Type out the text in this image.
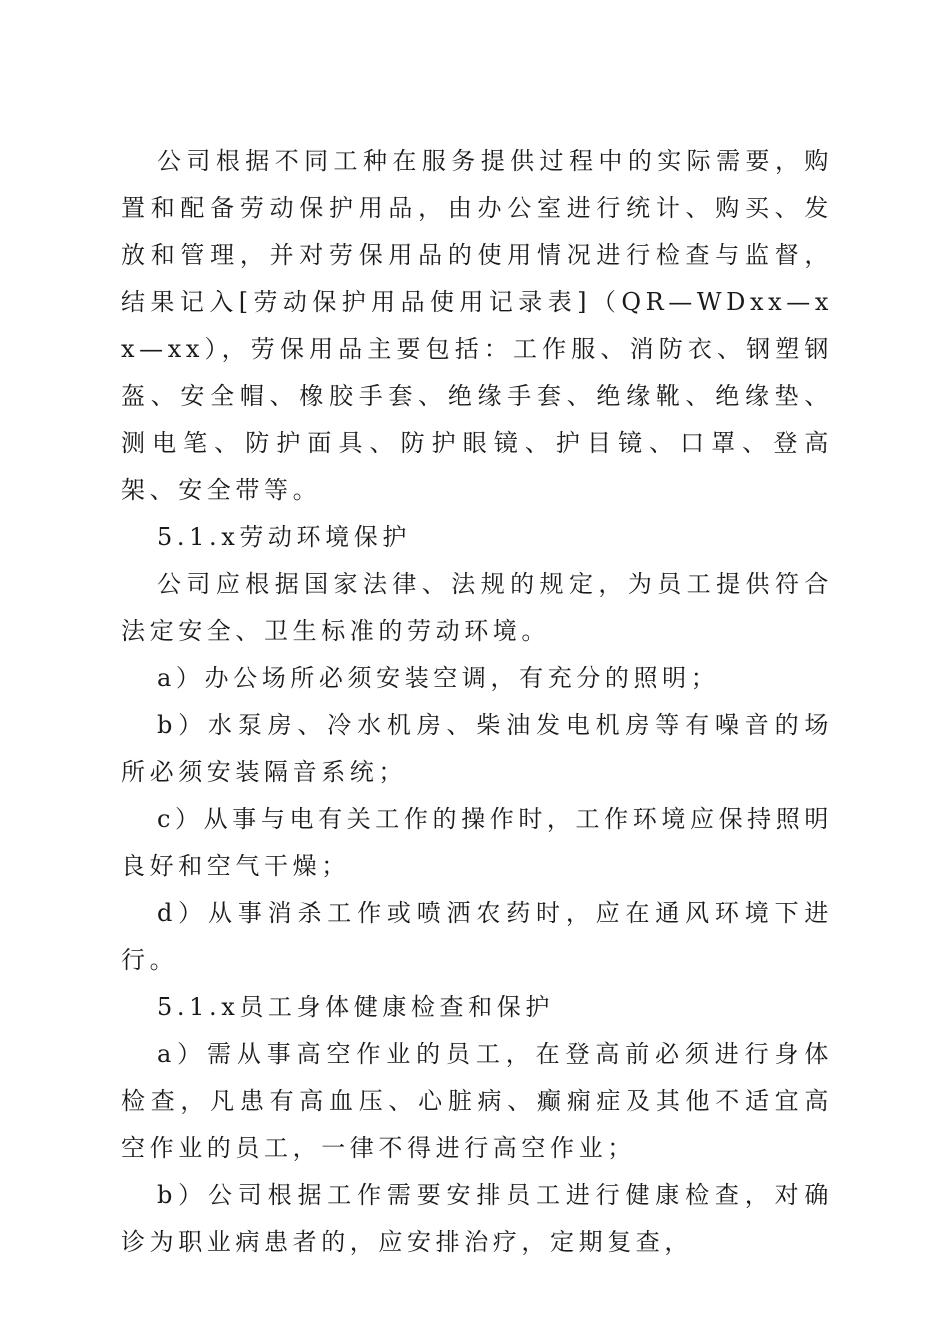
公司根据不同工种在服务提供过程中的实际需要，购置和配备劳动保护用品，由办公室进行统计、购买、发放和管理，并对劳保用品的使用情况进行检查与监督，结果记入[劳动保护用品使用记录表]（QR—WDxx—xx—xx），劳保用品主要包括：工作服、消防衣、钢塑钢盔、安全帽、橡胶手套、绝缘手套、绝缘靴、绝缘垫、测电笔、防护面具、防护眼镜、护目镜、口罩、登高架、安全带等。

5.1.x劳动环境保护

公司应根据国家法律、法规的规定，为员工提供符合法定安全、卫生标准的劳动环境。

a）办公场所必须安装空调，有充分的照明；

b）水泵房、冷水机房、柴油发电机房等有噪音的场所必须安装隔音系统；

c）从事与电有关工作的操作时，工作环境应保持照明良好和空气干燥；

d）从事消杀工作或喷洒农药时，应在通风环境下进行。

5.1.x员工身体健康检查和保护

a）需从事高空作业的员工，在登高前必须进行身体检查，凡患有高血压、心脏病、癫痫症及其他不适宜高空作业的员工，一律不得进行高空作业；

b）公司根据工作需要安排员工进行健康检查，对确诊为职业病患者的，应安排治疗，定期复查，
